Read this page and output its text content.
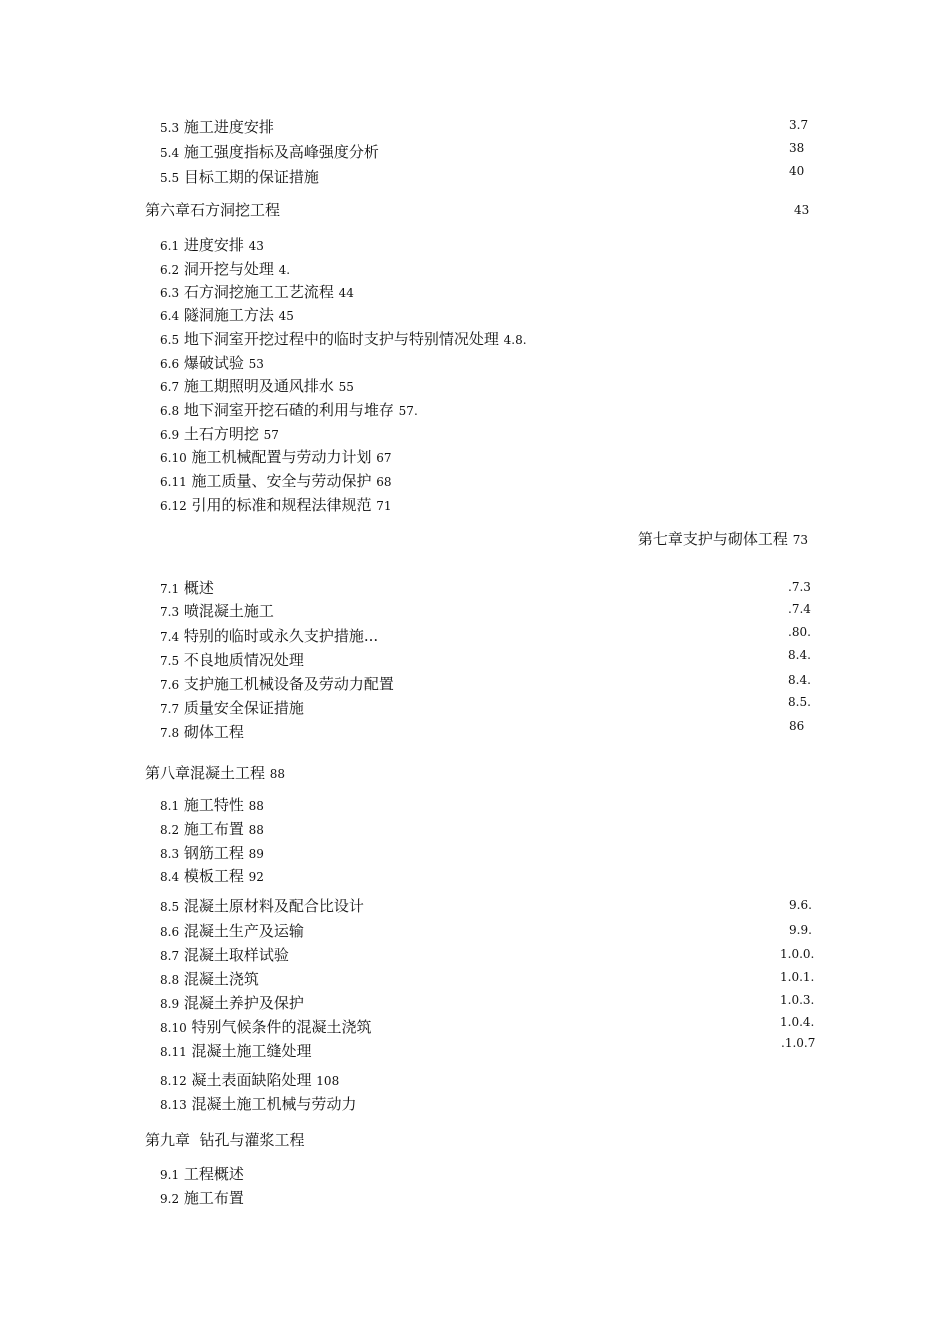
5.3 施工进度安排	3.7
5.4 施工强度指标及高峰强度分析	38
5.5 目标工期的保证措施	40
第六章石方洞挖工程	43
6.1 进度安排 43
6.2 洞开挖与处理 4.
6.3 石方洞挖施工工艺流程 44
6.4 隧洞施工方法 45
6.5 地下洞室开挖过程中的临时支护与特别情况处理 4.8.
6.6 爆破试验 53
6.7 施工期照明及通风排水 55
6.8 地下洞室开挖石碴的利用与堆存 57.
6.9 土石方明挖 57
6.10 施工机械配置与劳动力计划 67
6.11 施工质量、安全与劳动保护 68
6.12 引用的标准和规程法律规范 71
第七章支护与砌体工程 73
7.1 概述	.7.3
7.3 喷混凝土施工	.7.4
7.4 特别的临时或永久支护措施...	.80.
7.5 不良地质情况处理	8.4.
7.6 支护施工机械设备及劳动力配置	8.4.
7.7 质量安全保证措施	8.5.
7.8 砌体工程	86
第八章混凝土工程 88
8.1 施工特性 88
8.2 施工布置 88
8.3 钢筋工程 89
8.4 模板工程 92
8.5 混凝土原材料及配合比设计	9.6.
8.6 混凝土生产及运输	9.9.
8.7 混凝土取样试验	1.0.0.
8.8 混凝土浇筑	1.0.1.
8.9 混凝土养护及保护	1.0.3.
8.10 特别气候条件的混凝土浇筑	1.0.4.
8.11 混凝土施工缝处理	.1.0.7
8.12 凝土表面缺陷处理 108
8.13 混凝土施工机械与劳动力
第九章  钻孔与灌浆工程
9.1 工程概述
9.2 施工布置
